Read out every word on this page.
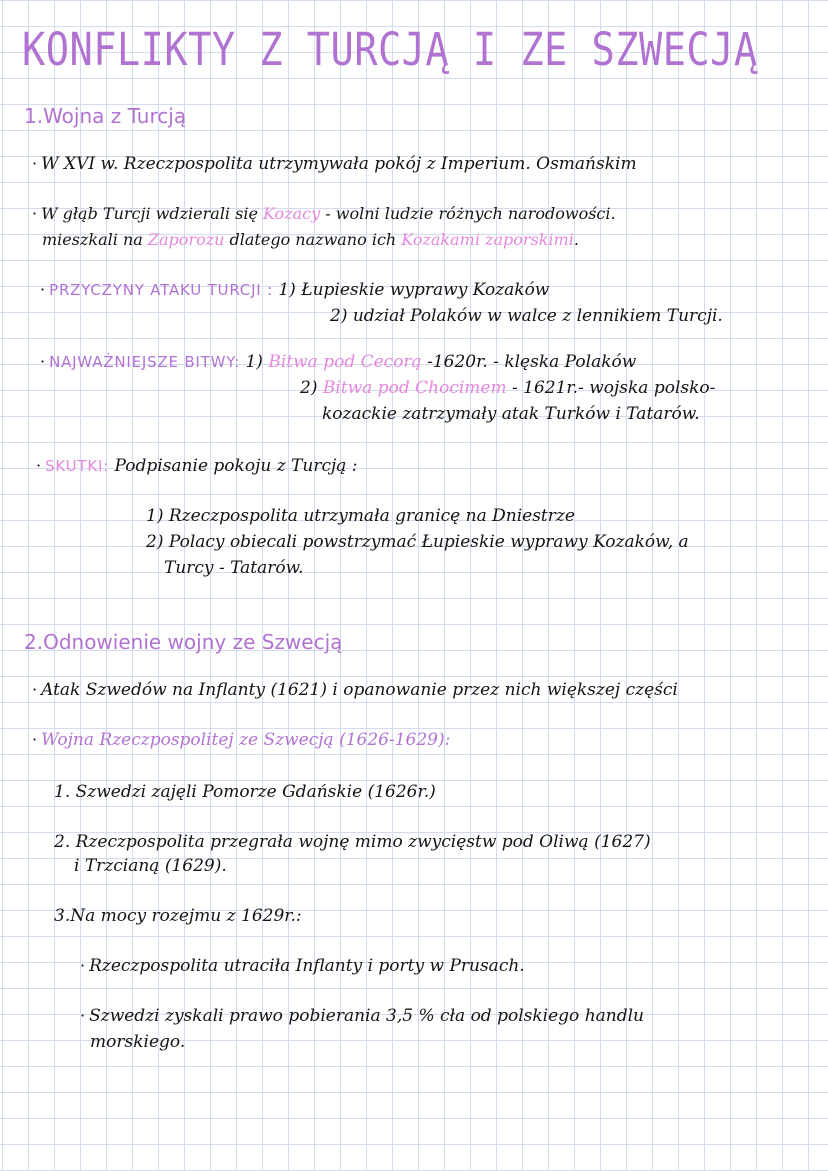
KONFLIKTY Z TURCJĄ I ZE SZWECJĄ
1.Wojna z Turcją
· W XVI w. Rzeczpospolita utrzymywała pokój z Imperium. Osmańskim
· W głąb Turcji wdzierali się Kozacy - wolni ludzie różnych narodowości.
mieszkali na Zaporozu dlatego nazwano ich Kozakami zaporskimi.
· PRZYCZYNY ATAKU TURCJI : 1) Łupieskie wyprawy Kozaków
2) udział Polaków w walce z lennikiem Turcji.
· NAJWAŻNIEJSZE BITWY: 1) Bitwa pod Cecorą -1620r. - klęska Polaków
2) Bitwa pod Chocimem - 1621r.- wojska polsko-
kozackie zatrzymały atak Turków i Tatarów.
· SKUTKI: Podpisanie pokoju z Turcją :
1) Rzeczpospolita utrzymała granicę na Dniestrze
2) Polacy obiecali powstrzymać Łupieskie wyprawy Kozaków, a
Turcy - Tatarów.
2.Odnowienie wojny ze Szwecją
· Atak Szwedów na Inflanty (1621) i opanowanie przez nich większej części
· Wojna Rzeczpospolitej ze Szwecją (1626-1629):
1. Szwedzi zajęli Pomorze Gdańskie (1626r.)
2. Rzeczpospolita przegrała wojnę mimo zwycięstw pod Oliwą (1627)
i Trzcianą (1629).
3.Na mocy rozejmu z 1629r.:
· Rzeczpospolita utraciła Inflanty i porty w Prusach.
· Szwedzi zyskali prawo pobierania 3,5 % cła od polskiego handlu
morskiego.
